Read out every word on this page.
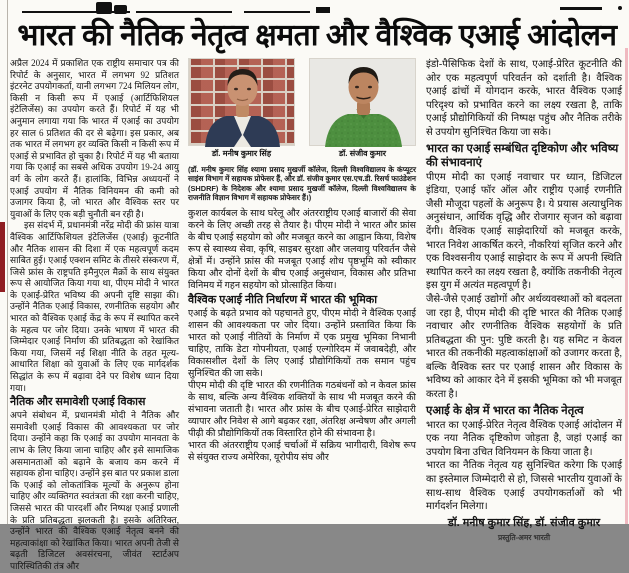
भारत की नैतिक नेतृत्व क्षमता और वैश्विक एआई आंदोलन

अप्रैल 2024 में प्रकाशित एक राष्ट्रीय समाचार पत्र की रिपोर्ट के अनुसार, भारत में लगभग 92 प्रतिशत इंटरनेट उपयोगकर्ता, यानी लगभग 724 मिलियन लोग, किसी न किसी रूप में एआई (आर्टिफिशियल इंटेलिजेंस) का उपयोग करते हैं। रिपोर्ट में यह भी अनुमान लगाया गया कि भारत में एआई का उपयोग हर साल 6 प्रतिशत की दर से बढ़ेगा। इस प्रकार, अब तक भारत में लगभग हर व्यक्ति किसी न किसी रूप में एआई से प्रभावित हो चुका है। रिपोर्ट में यह भी बताया गया कि एआई का सबसे अधिक उपयोग 19-24 आयु वर्ग के लोग करते हैं। हालांकि, विभिन्न अध्ययनों ने एआई उपयोग में नैतिक विनियमन की कमी को उजागर किया है, जो भारत और वैश्विक स्तर पर युवाओं के लिए एक बड़ी चुनौती बन रही है।

इस संदर्भ में, प्रधानमंत्री नरेंद्र मोदी की फ्रांस यात्रा वैश्विक आर्टिफिशियल इंटेलिजेंस (एआई) कूटनीति और नैतिक शासन की दिशा में एक महत्वपूर्ण कदम साबित हुई। एआई एक्शन समिट के तीसरे संस्करण में, जिसे फ्रांस के राष्ट्रपति इमैनुएल मैक्रों के साथ संयुक्त रूप से आयोजित किया गया था, पीएम मोदी ने भारत के एआई-प्रेरित भविष्य की अपनी दृष्टि साझा की। उन्होंने नैतिक एआई विकास, रणनीतिक सहयोग और भारत को वैश्विक एआई केंद्र के रूप में स्थापित करने के महत्व पर जोर दिया। उनके भाषण में भारत की जिम्मेदार एआई निर्माण की प्रतिबद्धता को रेखांकित किया गया, जिसमें नई शिक्षा नीति के तहत मूल्य-आधारित शिक्षा को युवाओं के लिए एक मार्गदर्शक सिद्धांत के रूप में बढ़ावा देने पर विशेष ध्यान दिया गया।

नैतिक और समावेशी एआई विकास

अपने संबोधन में, प्रधानमंत्री मोदी ने नैतिक और समावेशी एआई विकास की आवश्यकता पर जोर दिया। उन्होंने कहा कि एआई का उपयोग मानवता के लाभ के लिए किया जाना चाहिए और इसे सामाजिक असमानताओं को बढ़ाने के बजाय कम करने में सहायक होना चाहिए। उन्होंने इस बात पर प्रकाश डाला कि एआई को लोकतांत्रिक मूल्यों के अनुरूप होना चाहिए और व्यक्तिगत स्वतंत्रता की रक्षा करनी चाहिए, जिससे भारत की पारदर्शी और निष्पक्ष एआई प्रणाली के प्रति प्रतिबद्धता झलकती है। इसके अतिरिक्त, उन्होंने भारत की वैश्विक एआई नेतृत्व बनने की महत्वाकांक्षा को रेखांकित किया। भारत अपनी तेजी से बढ़ती डिजिटल अवसंरचना, जीवंत स्टार्टअप पारिस्थितिकी तंत्र और

डॉ. मनीष कुमार सिंह	डॉ. संजीव कुमार
(डॉ. मनीष कुमार सिंह श्यामा प्रसाद मुखर्जी कॉलेज, दिल्ली विश्वविद्यालय के कंप्यूटर साइंस विभाग में सहायक प्रोफेसर हैं, और डॉ. संजीव कुमार एस.एच.डी. रिसर्च फाउंडेशन (SHDRF) के निदेशक और श्यामा प्रसाद मुखर्जी कॉलेज, दिल्ली विश्वविद्यालय के राजनीति विज्ञान विभाग में सहायक प्रोफेसर हैं।)

कुशल कार्यबल के साथ घरेलू और अंतरराष्ट्रीय एआई बाजारों की सेवा करने के लिए अच्छी तरह से तैयार है। पीएम मोदी ने भारत और फ्रांस के बीच एआई सहयोग को और मजबूत करने का आह्वान किया, विशेष रूप से स्वास्थ्य सेवा, कृषि, साइबर सुरक्षा और जलवायु परिवर्तन जैसे क्षेत्रों में। उन्होंने फ्रांस की मजबूत एआई शोध पृष्ठभूमि को स्वीकार किया और दोनों देशों के बीच एआई अनुसंधान, विकास और प्रतिभा विनिमय में गहन सहयोग को प्रोत्साहित किया।

वैश्विक एआई नीति निर्धारण में भारत की भूमिका

एआई के बढ़ते प्रभाव को पहचानते हुए, पीएम मोदी ने वैश्विक एआई शासन की आवश्यकता पर जोर दिया। उन्होंने प्रस्तावित किया कि भारत को एआई नीतियों के निर्माण में एक प्रमुख भूमिका निभानी चाहिए, ताकि डेटा गोपनीयता, एआई एल्गोरिदम में जवाबदेही, और विकासशील देशों के लिए एआई प्रौद्योगिकियों तक समान पहुंच सुनिश्चित की जा सके।

पीएम मोदी की दृष्टि भारत की रणनीतिक गठबंधनों को न केवल फ्रांस के साथ, बल्कि अन्य वैश्विक शक्तियों के साथ भी मजबूत करने की संभावना जताती है। भारत और फ्रांस के बीच एआई-प्रेरित साझेदारी व्यापार और निवेश से आगे बढ़कर रक्षा, अंतरिक्ष अन्वेषण और अगली पीढ़ी की प्रौद्योगिकियों तक विस्तारित होने की संभावना है।

भारत की अंतरराष्ट्रीय एआई चर्चाओं में सक्रिय भागीदारी, विशेष रूप से संयुक्त राज्य अमेरिका, यूरोपीय संघ और

इंडो-पैसिफिक देशों के साथ, एआई-प्रेरित कूटनीति की ओर एक महत्वपूर्ण परिवर्तन को दर्शाती है। वैश्विक एआई ढांचों में योगदान करके, भारत वैश्विक एआई परिदृश्य को प्रभावित करने का लक्ष्य रखता है, ताकि एआई प्रौद्योगिकियों की निष्पक्ष पहुंच और नैतिक तरीके से उपयोग सुनिश्चित किया जा सके।

भारत का एआई सम्बंधित दृष्टिकोण और भविष्य की संभावनाएं

पीएम मोदी का एआई नवाचार पर ध्यान, डिजिटल इंडिया, एआई फॉर ऑल और राष्ट्रीय एआई रणनीति जैसी मौजूदा पहलों के अनुरूप है। ये प्रयास अत्याधुनिक अनुसंधान, आर्थिक वृद्धि और रोजगार सृजन को बढ़ावा देंगी। वैश्विक एआई साझेदारियों को मजबूत करके, भारत निवेश आकर्षित करने, नौकरियां सृजित करने और एक विश्वसनीय एआई साझेदार के रूप में अपनी स्थिति स्थापित करने का लक्ष्य रखता है, क्योंकि तकनीकी नेतृत्व इस युग में अत्यंत महत्वपूर्ण है।

जैसे-जैसे एआई उद्योगों और अर्थव्यवस्थाओं को बदलता जा रहा है, पीएम मोदी की दृष्टि भारत की नैतिक एआई नवाचार और रणनीतिक वैश्विक सहयोगों के प्रति प्रतिबद्धता की पुन: पुष्टि करती है। यह समिट न केवल भारत की तकनीकी महत्वाकांक्षाओं को उजागर करता है, बल्कि वैश्विक स्तर पर एआई शासन और विकास के भविष्य को आकार देने में इसकी भूमिका को भी मजबूत करता है।

एआई के क्षेत्र में भारत का नैतिक नेतृत्व

भारत का एआई-प्रेरित नेतृत्व वैश्विक एआई आंदोलन में एक नया नैतिक दृष्टिकोण जोड़ता है, जहां एआई का उपयोग बिना उचित विनियमन के किया जाता है।

भारत का नैतिक नेतृत्व यह सुनिश्चित करेगा कि एआई का इस्तेमाल जिम्मेदारी से हो, जिससे भारतीय युवाओं के साथ-साथ वैश्विक एआई उपयोगकर्ताओं को भी मार्गदर्शन मिलेगा।

डॉ. मनीष कुमार सिंह, डॉ. संजीव कुमार
प्रस्तुति-अमर भारती
